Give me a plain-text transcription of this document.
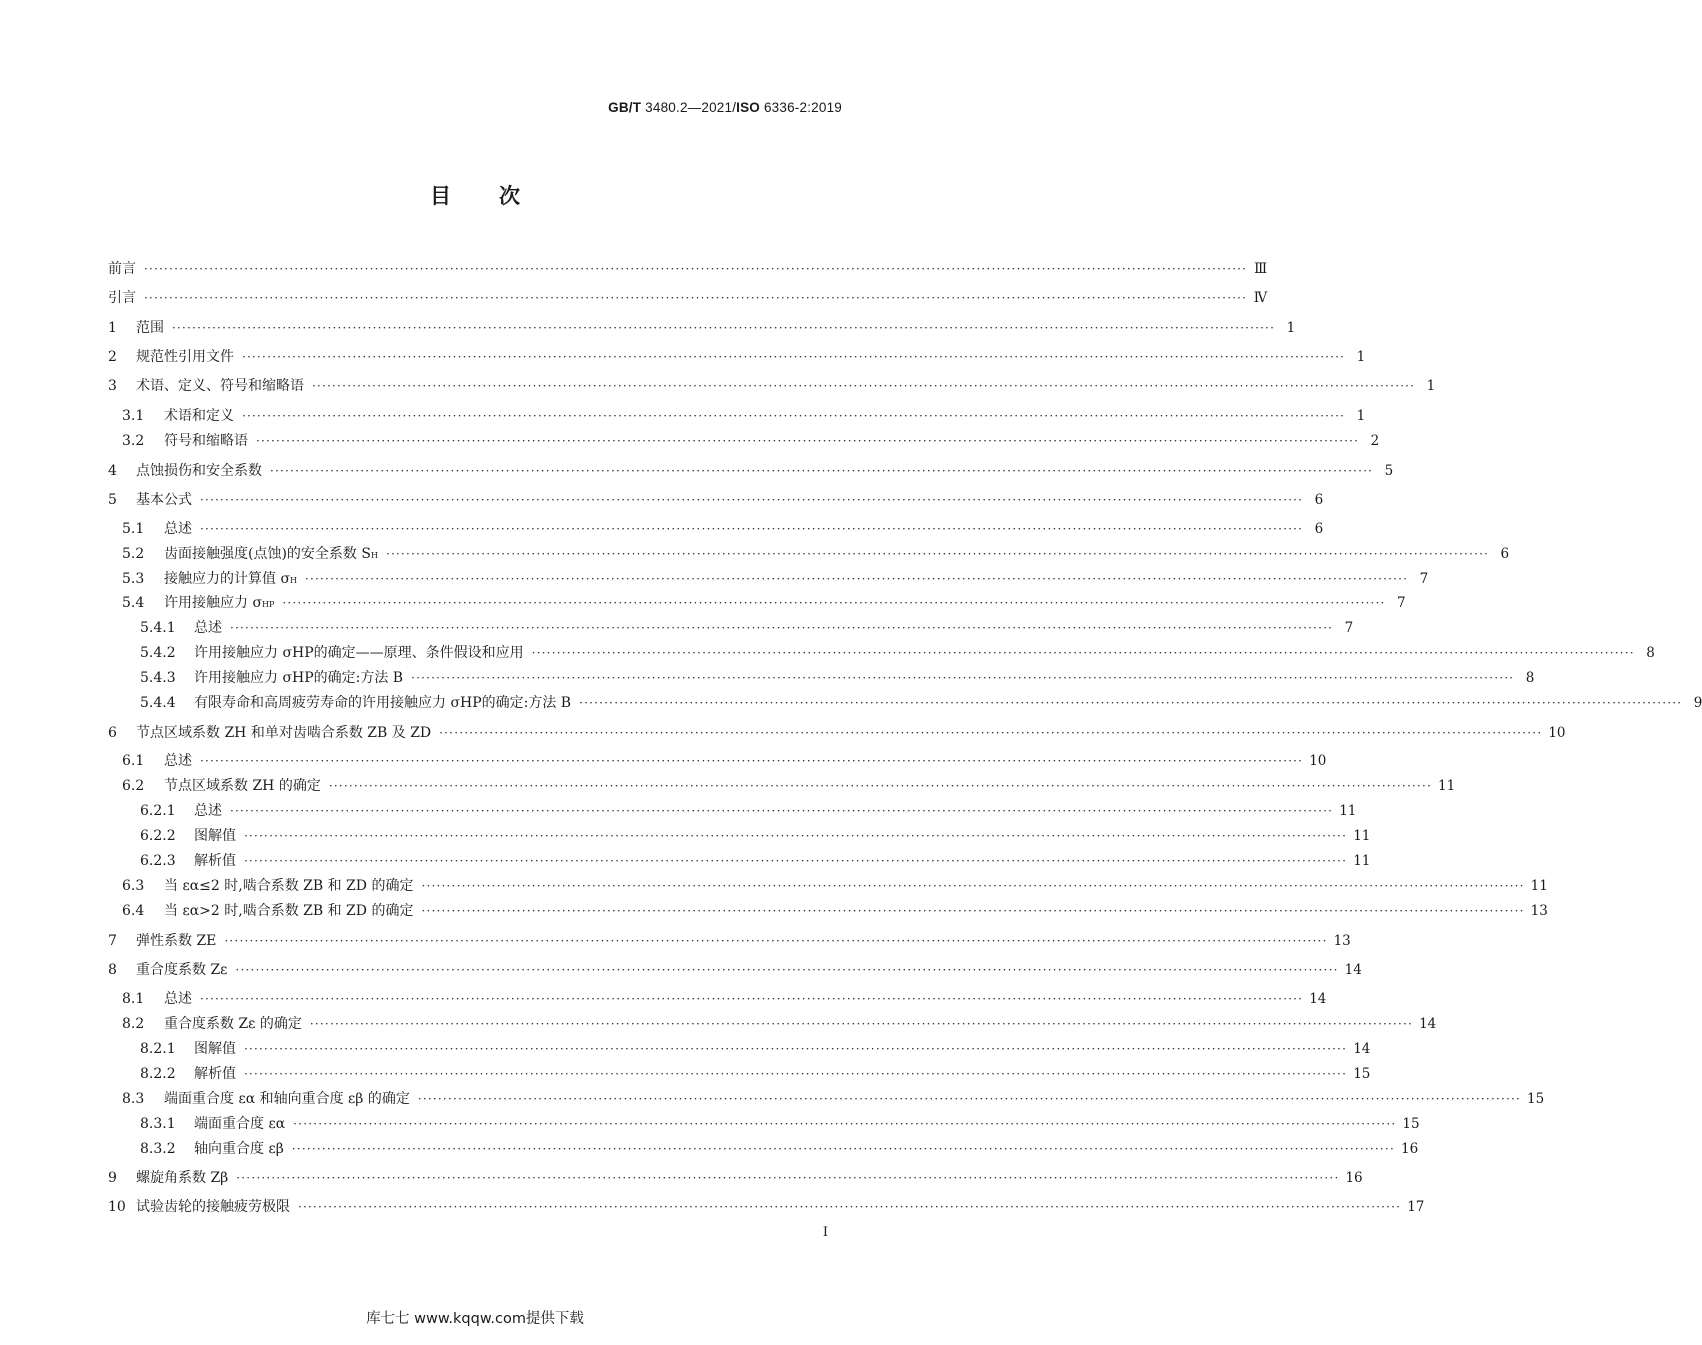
GB/T 3480.2—2021/ISO 6336-2:2019
目次
前言 ···························································································································································································································· Ⅲ
引言 ···························································································································································································································· Ⅳ
1	范围 ···························································································································································································································· 1
2	规范性引用文件 ···························································································································································································································· 1
3	术语、定义、符号和缩略语 ···························································································································································································································· 1
3.1	术语和定义 ···························································································································································································································· 1
3.2	符号和缩略语 ···························································································································································································································· 2
4	点蚀损伤和安全系数 ···························································································································································································································· 5
5	基本公式 ···························································································································································································································· 6
5.1	总述 ···························································································································································································································· 6
5.2	齿面接触强度(点蚀)的安全系数 S H ···························································································································································································································· 6
5.3	接触应力的计算值 σ H ···························································································································································································································· 7
5.4	许用接触应力 σ HP ···························································································································································································································· 7
5.4.1	总述 ···························································································································································································································· 7
5.4.2	许用接触应力 σHP的确定——原理、条件假设和应用 ···························································································································································································································· 8
5.4.3	许用接触应力 σHP的确定:方法 B ···························································································································································································································· 8
5.4.4	有限寿命和高周疲劳寿命的许用接触应力 σHP的确定:方法 B ···························································································································································································································· 9
6	节点区域系数 ZH 和单对齿啮合系数 ZB 及 ZD ···························································································································································································································· 10
6.1	总述 ···························································································································································································································· 10
6.2	节点区域系数 ZH 的确定 ···························································································································································································································· 11
6.2.1	总述 ···························································································································································································································· 11
6.2.2	图解值 ···························································································································································································································· 11
6.2.3	解析值 ···························································································································································································································· 11
6.3	当 εα≤2 时,啮合系数 ZB 和 ZD 的确定 ···························································································································································································································· 11
6.4	当 εα>2 时,啮合系数 ZB 和 ZD 的确定 ···························································································································································································································· 13
7	弹性系数 ZE ···························································································································································································································· 13
8	重合度系数 Zε ···························································································································································································································· 14
8.1	总述 ···························································································································································································································· 14
8.2	重合度系数 Zε 的确定 ···························································································································································································································· 14
8.2.1	图解值 ···························································································································································································································· 14
8.2.2	解析值 ···························································································································································································································· 15
8.3	端面重合度 εα 和轴向重合度 εβ 的确定 ···························································································································································································································· 15
8.3.1	端面重合度 εα ···························································································································································································································· 15
8.3.2	轴向重合度 εβ ···························································································································································································································· 16
9	螺旋角系数 Zβ ···························································································································································································································· 16
10 试验齿轮的接触疲劳极限 ···························································································································································································································· 17
I
库七七 www.kqqw.com提供下载
